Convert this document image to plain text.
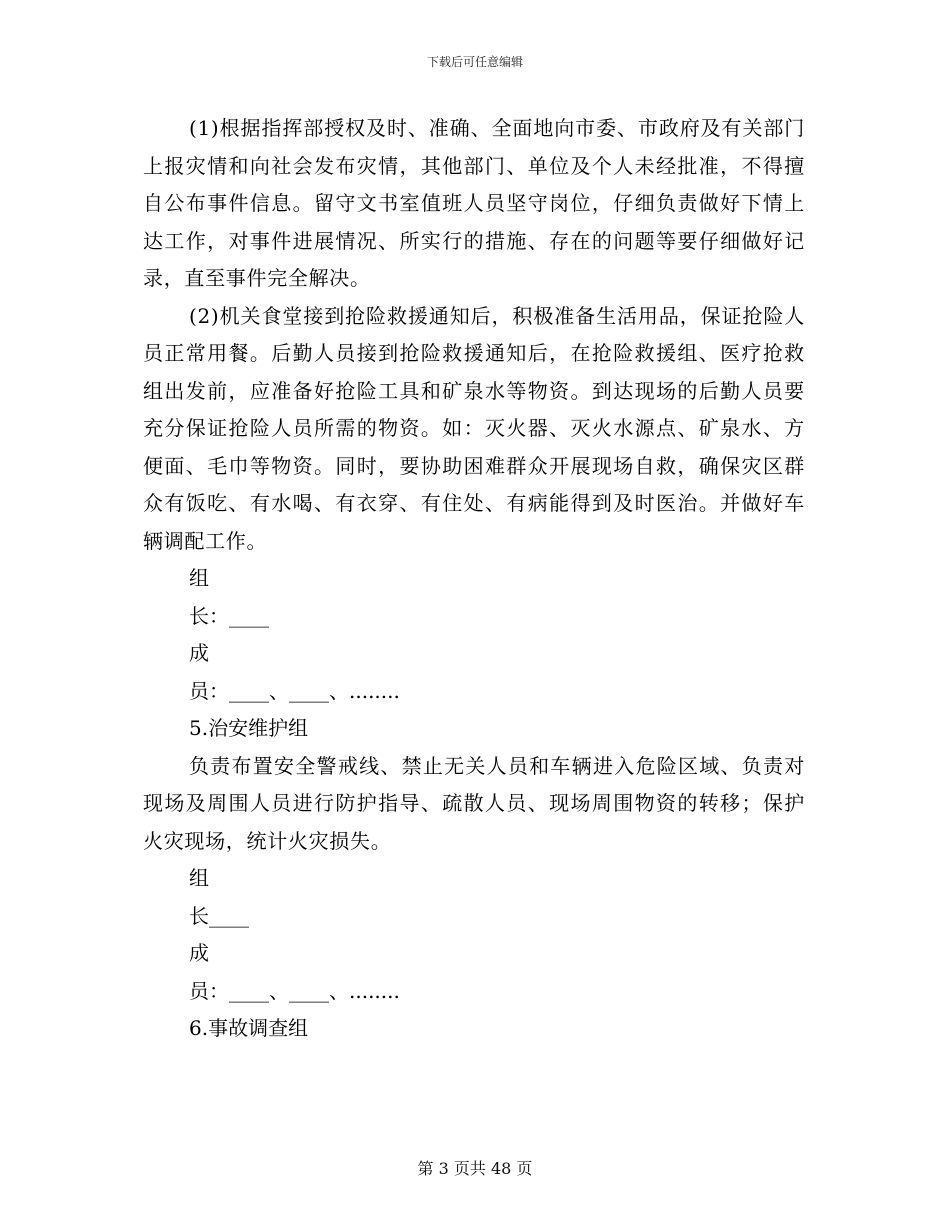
下载后可任意编辑

(1)根据指挥部授权及时、准确、全面地向市委、市政府及有关部门上报灾情和向社会发布灾情，其他部门、单位及个人未经批准，不得擅自公布事件信息。留守文书室值班人员坚守岗位，仔细负责做好下情上达工作，对事件进展情况、所实行的措施、存在的问题等要仔细做好记录，直至事件完全解决。

(2)机关食堂接到抢险救援通知后，积极准备生活用品，保证抢险人员正常用餐。后勤人员接到抢险救援通知后，在抢险救援组、医疗抢救组出发前，应准备好抢险工具和矿泉水等物资。到达现场的后勤人员要充分保证抢险人员所需的物资。如：灭火器、灭火水源点、矿泉水、方便面、毛巾等物资。同时，要协助困难群众开展现场自救，确保灾区群众有饭吃、有水喝、有衣穿、有住处、有病能得到及时医治。并做好车辆调配工作。

组

长：____

成

员：____、____、........

5.治安维护组

负责布置安全警戒线、禁止无关人员和车辆进入危险区域、负责对现场及周围人员进行防护指导、疏散人员、现场周围物资的转移；保护火灾现场，统计火灾损失。

组

长____

成

员：____、____、........

6.事故调查组

第 3 页共 48 页
